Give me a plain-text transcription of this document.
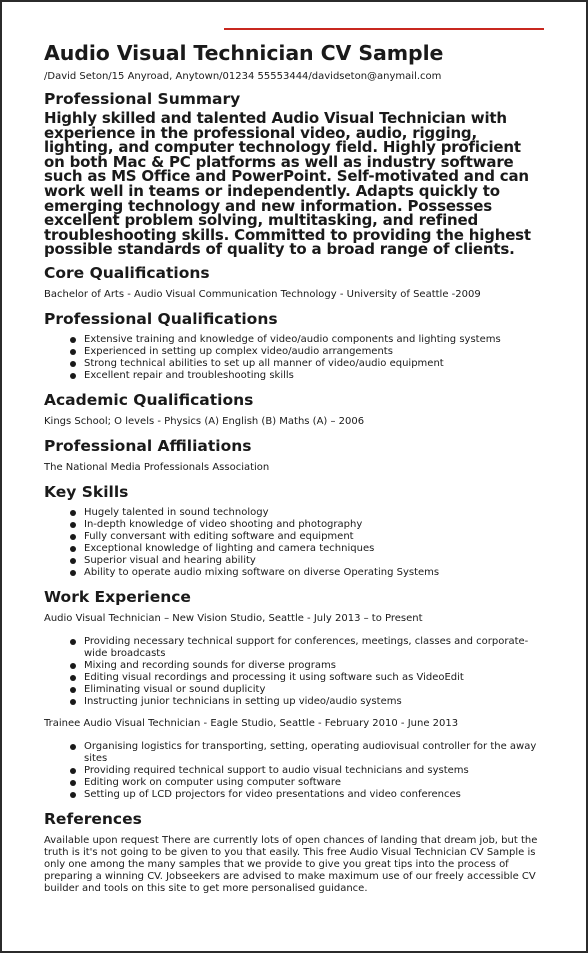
Audio Visual Technician CV Sample
/David Seton/15 Anyroad, Anytown/01234 55553444/davidseton@anymail.com
Professional Summary
Highly skilled and talented Audio Visual Technician with experience in the professional video, audio, rigging, lighting, and computer technology field. Highly proficient on both Mac & PC platforms as well as industry software such as MS Office and PowerPoint. Self-motivated and can work well in teams or independently. Adapts quickly to emerging technology and new information. Possesses excellent problem solving, multitasking, and refined troubleshooting skills. Committed to providing the highest possible standards of quality to a broad range of clients.
Core Qualifications
Bachelor of Arts - Audio Visual Communication Technology - University of Seattle -2009
Professional Qualifications
Extensive training and knowledge of video/audio components and lighting systems
Experienced in setting up complex video/audio arrangements
Strong technical abilities to set up all manner of video/audio equipment
Excellent repair and troubleshooting skills
Academic Qualifications
Kings School; O levels - Physics (A) English (B) Maths (A) – 2006
Professional Affiliations
The National Media Professionals Association
Key Skills
Hugely talented in sound technology
In-depth knowledge of video shooting and photography
Fully conversant with editing software and equipment
Exceptional knowledge of lighting and camera techniques
Superior visual and hearing ability
Ability to operate audio mixing software on diverse Operating Systems
Work Experience
Audio Visual Technician – New Vision Studio, Seattle - July 2013 – to Present
Providing necessary technical support for conferences, meetings, classes and corporate-wide broadcasts
Mixing and recording sounds for diverse programs
Editing visual recordings and processing it using software such as VideoEdit
Eliminating visual or sound duplicity
Instructing junior technicians in setting up video/audio systems
Trainee Audio Visual Technician - Eagle Studio, Seattle - February 2010 - June 2013
Organising logistics for transporting, setting, operating audiovisual controller for the away sites
Providing required technical support to audio visual technicians and systems
Editing work on computer using computer software
Setting up of LCD projectors for video presentations and video conferences
References
Available upon request There are currently lots of open chances of landing that dream job, but the truth is it's not going to be given to you that easily. This free Audio Visual Technician CV Sample is only one among the many samples that we provide to give you great tips into the process of preparing a winning CV. Jobseekers are advised to make maximum use of our freely accessible CV builder and tools on this site to get more personalised guidance.
